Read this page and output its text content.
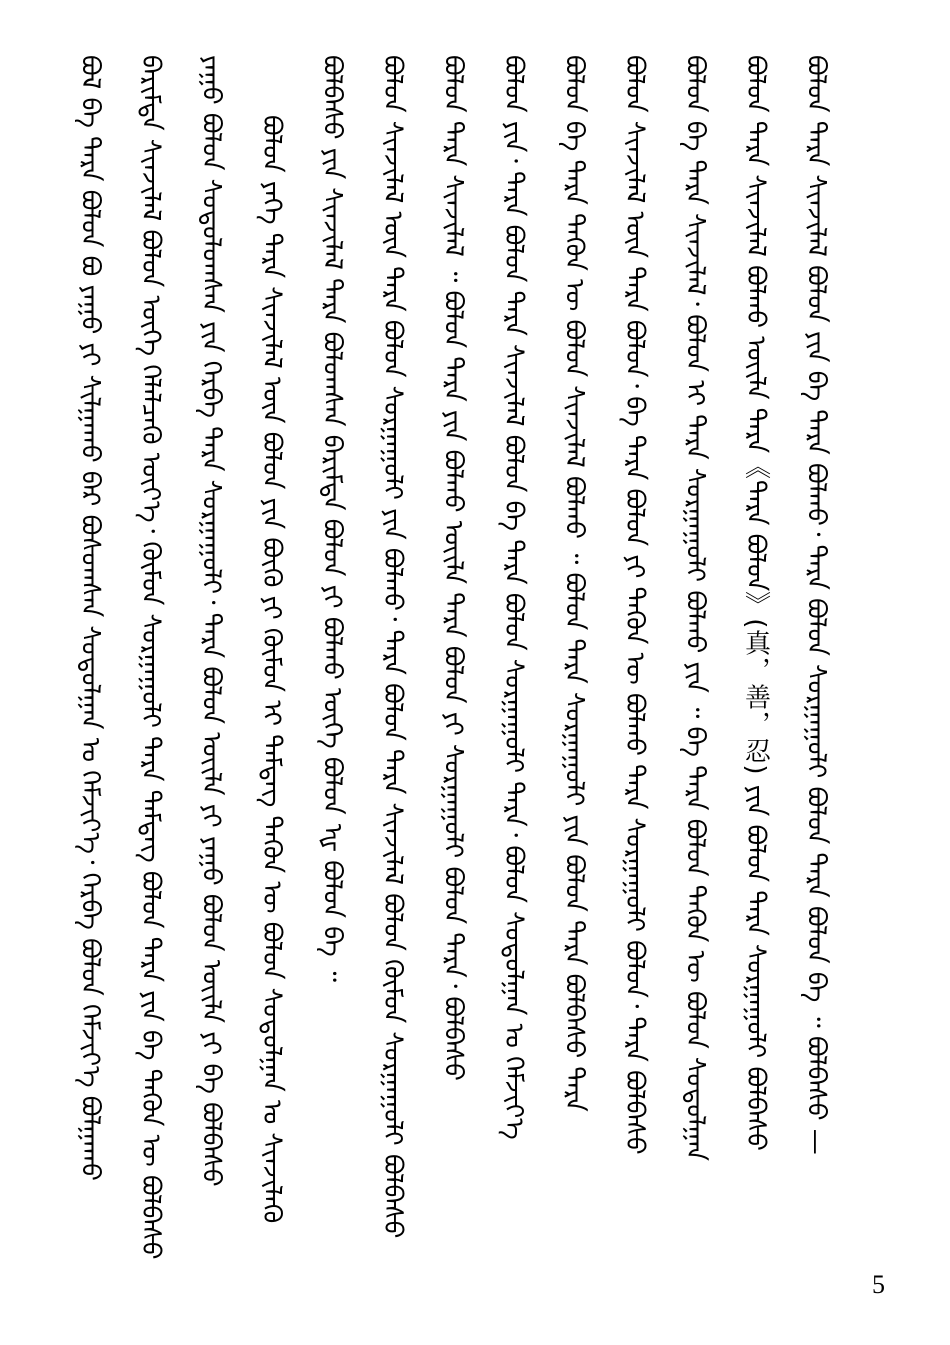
ᠪᠣᠯ ᠪᠠ ᠲᠡᠷᠡ ᠪᠣᠯᠤᠨ ᠪᠤ ᠶᠠᠭᠤ ᠶᠢ ᠰᠢᠯᠭᠠᠬᠤ ᠪᠡᠷ ᠪᠣᠰᠤᠭᠰᠠᠨ ᠰᠤᠳᠤᠯᠭᠠᠨ ᠤ ᠬᠡᠮᠵᠢᠶ᠎ᠡ᠂ ᠬᠡᠷᠪᠡ ᠪᠣᠯᠤᠨ ᠬᠡᠮᠵᠢᠶ᠎ᠡ ᠪᠣᠯᠭᠠᠬᠤ ᠪᠠᠷᠢᠮᠲᠠ ᠰᠢᠨᠵᠢᠯᠡᠯ ᠪᠣᠯᠤᠨ ᠦᠭᠡ ᠬᠡᠯᠡᠯᠴᠡᠬᠦ ᠦᠶ᠎ᠡ᠂ ᠬᠦᠮᠦᠨ ᠰᠤᠷᠭᠠᠭᠤᠯᠢ ᠲᠡᠷᠡ ᠲᠡᠮᠳᠡᠭ ᠪᠣᠯᠤᠨ ᠲᠡᠷᠡ ᠶᠢᠨ ᠪᠠ ᠲᠡᠭᠦᠨ ᠦ ᠪᠣᠯᠪᠠᠰᠤ ᠶᠠᠭᠤ ᠪᠣᠯᠤᠨ ᠰᠤᠳᠤᠯᠤᠭᠰᠠᠨ ᠶᠢᠨ ᠬᠡᠷᠪᠡ ᠲᠡᠷᠡ ᠰᠤᠷᠭᠠᠭᠤᠯᠢ᠂ ᠲᠡᠷᠡ ᠪᠣᠯᠤᠨ ᠦᠢᠯᠡ ᠶᠢ ᠶᠠᠭᠤ ᠪᠣᠯᠤᠨ ᠦᠢᠯᠡ ᠶᠢ ᠪᠠ ᠪᠣᠯᠪᠠᠰᠤ ᠪᠣᠯᠤᠨ ᠶᠡᠬᠡ ᠲᠡᠷᠡ ᠰᠢᠨᠵᠢᠯᠡᠯ ᠦᠨ ᠪᠣᠯᠤᠨ ᠶᠢᠨ ᠪᠦᠬᠦ ᠶᠢ ᠬᠦᠮᠦᠨ ᠢ ᠲᠡᠮᠳᠡᠭ ᠲᠡᠭᠦᠨ ᠦ ᠪᠣᠯᠤᠨ ᠰᠤᠳᠤᠯᠭᠠᠨ ᠤ ᠰᠢᠨᠵᠢᠯᠡᠬᠦ ᠪᠣᠯᠪᠠᠰᠤ ᠶᠢᠨ ᠰᠢᠨᠵᠢᠯᠡᠯ ᠲᠡᠷᠡ ᠪᠣᠯᠤᠭᠰᠠᠨ ᠪᠠᠷᠢᠮᠲᠠ ᠪᠣᠯᠤᠨ ᠶᠢ ᠪᠣᠯᠬᠤ ᠦᠭᠡ ᠪᠣᠯᠤᠨ ᠾ ᠪᠣᠯᠤᠨ ᠪᠡ ᠃ ᠪᠣᠯᠤᠨ ᠰᠢᠨᠵᠢᠯᠡᠯ ᠦᠨ ᠲᠡᠷᠡ ᠪᠣᠯᠤᠨ ᠰᠤᠷᠭᠠᠭᠤᠯᠢ ᠶᠢᠨ ᠪᠣᠯᠬᠤ᠂ ᠲᠡᠷᠡ ᠪᠣᠯᠤᠨ ᠲᠡᠷᠡ ᠰᠢᠨᠵᠢᠯᠡᠯ ᠪᠣᠯᠤᠨ ᠬᠦᠮᠦᠨ ᠰᠤᠷᠭᠠᠭᠤᠯᠢ ᠪᠣᠯᠪᠠᠰᠤ ᠪᠣᠯᠤᠨ ᠲᠡᠷᠡ ᠰᠢᠨᠵᠢᠯᠡᠯ ᠃ ᠪᠣᠯᠤᠨ ᠲᠡᠷᠡ ᠶᠢᠨ ᠪᠣᠯᠬᠤ ᠦᠢᠯᠡ ᠲᠡᠷᠡ ᠪᠣᠯᠤᠨ ᠶᠢ ᠰᠤᠷᠭᠠᠭᠤᠯᠢ ᠪᠣᠯᠤᠨ ᠲᠡᠷᠡ᠂ ᠪᠣᠯᠪᠠᠰᠤ ᠪᠣᠯᠤᠨ ᠶᠢᠨ᠂ ᠲᠡᠷᠡ ᠪᠣᠯᠤᠨ ᠲᠡᠷᠡ ᠰᠢᠨᠵᠢᠯᠡᠯ ᠪᠣᠯᠤᠨ ᠪᠠ ᠲᠡᠷᠡ ᠪᠣᠯᠤᠨ ᠰᠤᠷᠭᠠᠭᠤᠯᠢ ᠲᠡᠷᠡ᠂ ᠪᠣᠯᠤᠨ ᠰᠤᠳᠤᠯᠭᠠᠨ ᠤ ᠬᠡᠮᠵᠢᠶ᠎ᠡ ᠪᠣᠯᠤᠨ ᠪᠠ ᠲᠡᠷᠡ ᠲᠡᠭᠦᠨ ᠦ ᠪᠣᠯᠤᠨ ᠰᠢᠨᠵᠢᠯᠡᠯ ᠪᠣᠯᠬᠤ ᠃ ᠪᠣᠯᠤᠨ ᠲᠡᠷᠡ ᠰᠤᠷᠭᠠᠭᠤᠯᠢ ᠶᠢᠨ ᠪᠣᠯᠤᠨ ᠲᠡᠷᠡ ᠪᠣᠯᠪᠠᠰᠤ ᠲᠡᠷᠡ ᠪᠣᠯᠤᠨ ᠰᠢᠨᠵᠢᠯᠡᠯ ᠦᠨ ᠲᠡᠷᠡ ᠪᠣᠯᠤᠨ᠂ ᠪᠠ ᠲᠡᠷᠡ ᠪᠣᠯᠤᠨ ᠶᠢ ᠲᠡᠭᠦᠨ ᠦ ᠪᠣᠯᠬᠤ ᠲᠡᠷᠡ ᠰᠤᠷᠭᠠᠭᠤᠯᠢ ᠪᠣᠯᠤᠨ᠂ ᠲᠡᠷᠡ ᠪᠣᠯᠪᠠᠰᠤ ᠪᠣᠯᠤᠨ ᠪᠠ ᠲᠡᠷᠡ ᠰᠢᠨᠵᠢᠯᠡᠯ᠂ ᠪᠣᠯᠤᠨ ᠢ ᠲᠡᠷᠡ ᠰᠤᠷᠭᠠᠭᠤᠯᠢ ᠪᠣᠯᠬᠤ ᠶᠢᠨ ᠃ ᠪᠠ ᠲᠡᠷᠡ ᠪᠣᠯᠤᠨ ᠲᠡᠭᠦᠨ ᠦ ᠪᠣᠯᠤᠨ ᠰᠤᠳᠤᠯᠭᠠᠨ ᠪᠣᠯᠤᠨ ᠲᠡᠷᠡ ᠰᠢᠨᠵᠢᠯᠡᠯ ᠪᠣᠯᠬᠤ ᠦᠢᠯᠡ ᠲᠡᠷᠡ《ᠲᠡᠷᠡ ᠪᠣᠯᠤᠨ》(真，善，忍) ᠶᠢᠨ ᠪᠣᠯᠤᠨ ᠲᠡᠷᠡ ᠰᠤᠷᠭᠠᠭᠤᠯᠢ ᠪᠣᠯᠪᠠᠰᠤ ᠪᠣᠯᠤᠨ ᠲᠡᠷᠡ ᠰᠢᠨᠵᠢᠯᠡᠯ ᠪᠣᠯᠤᠨ ᠶᠢᠨ ᠪᠠ ᠲᠡᠷᠡ ᠪᠣᠯᠬᠤ᠂ ᠲᠡᠷᠡ ᠪᠣᠯᠤᠨ ᠰᠤᠷᠭᠠᠭᠤᠯᠢ ᠪᠣᠯᠤᠨ ᠲᠡᠷᠡ ᠪᠣᠯᠤᠨ ᠪᠠ ᠃ ᠪᠣᠯᠪᠠᠰᠤ —
5
